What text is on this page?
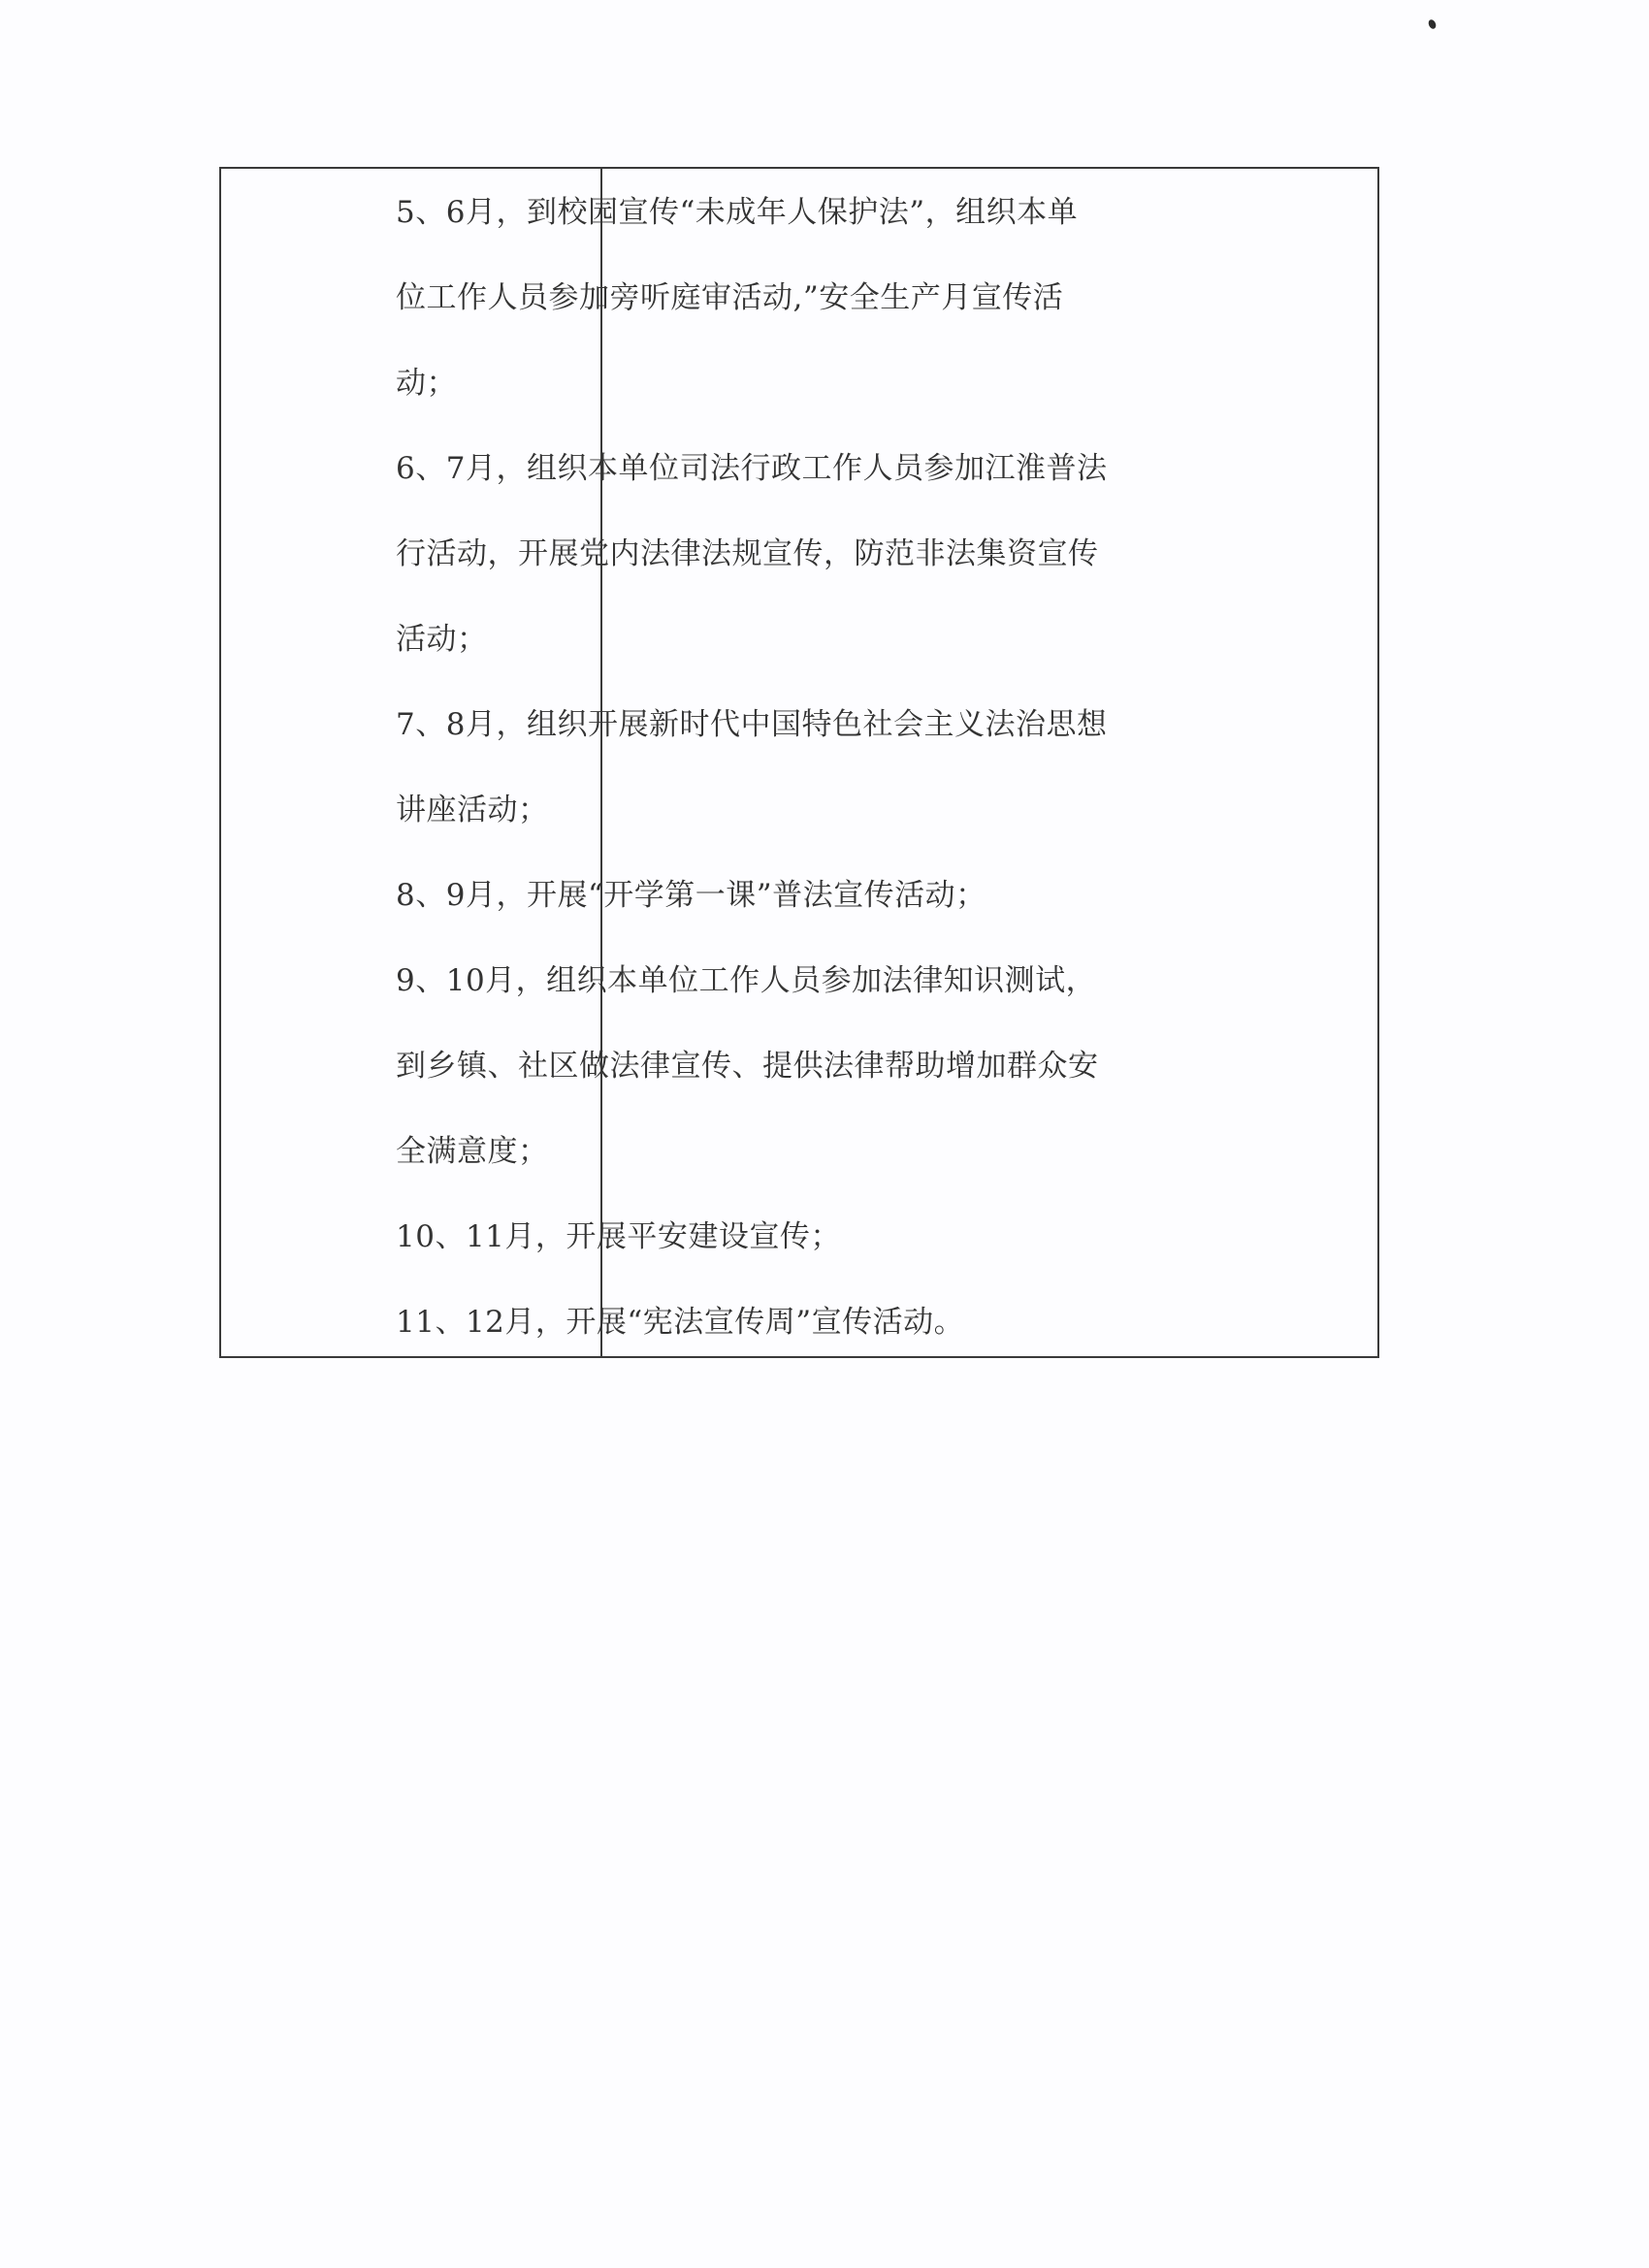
5、6月，到校园宣传“未成年人保护法”，组织本单
位工作人员参加旁听庭审活动,”安全生产月宣传活
动；
6、7月，组织本单位司法行政工作人员参加江淮普法
行活动，开展党内法律法规宣传，防范非法集资宣传
活动；
7、8月，组织开展新时代中国特色社会主义法治思想
讲座活动；
8、9月，开展“开学第一课”普法宣传活动；
9、10月，组织本单位工作人员参加法律知识测试，
到乡镇、社区做法律宣传、提供法律帮助增加群众安
全满意度；
10、11月，开展平安建设宣传；
11、12月，开展“宪法宣传周”宣传活动。
